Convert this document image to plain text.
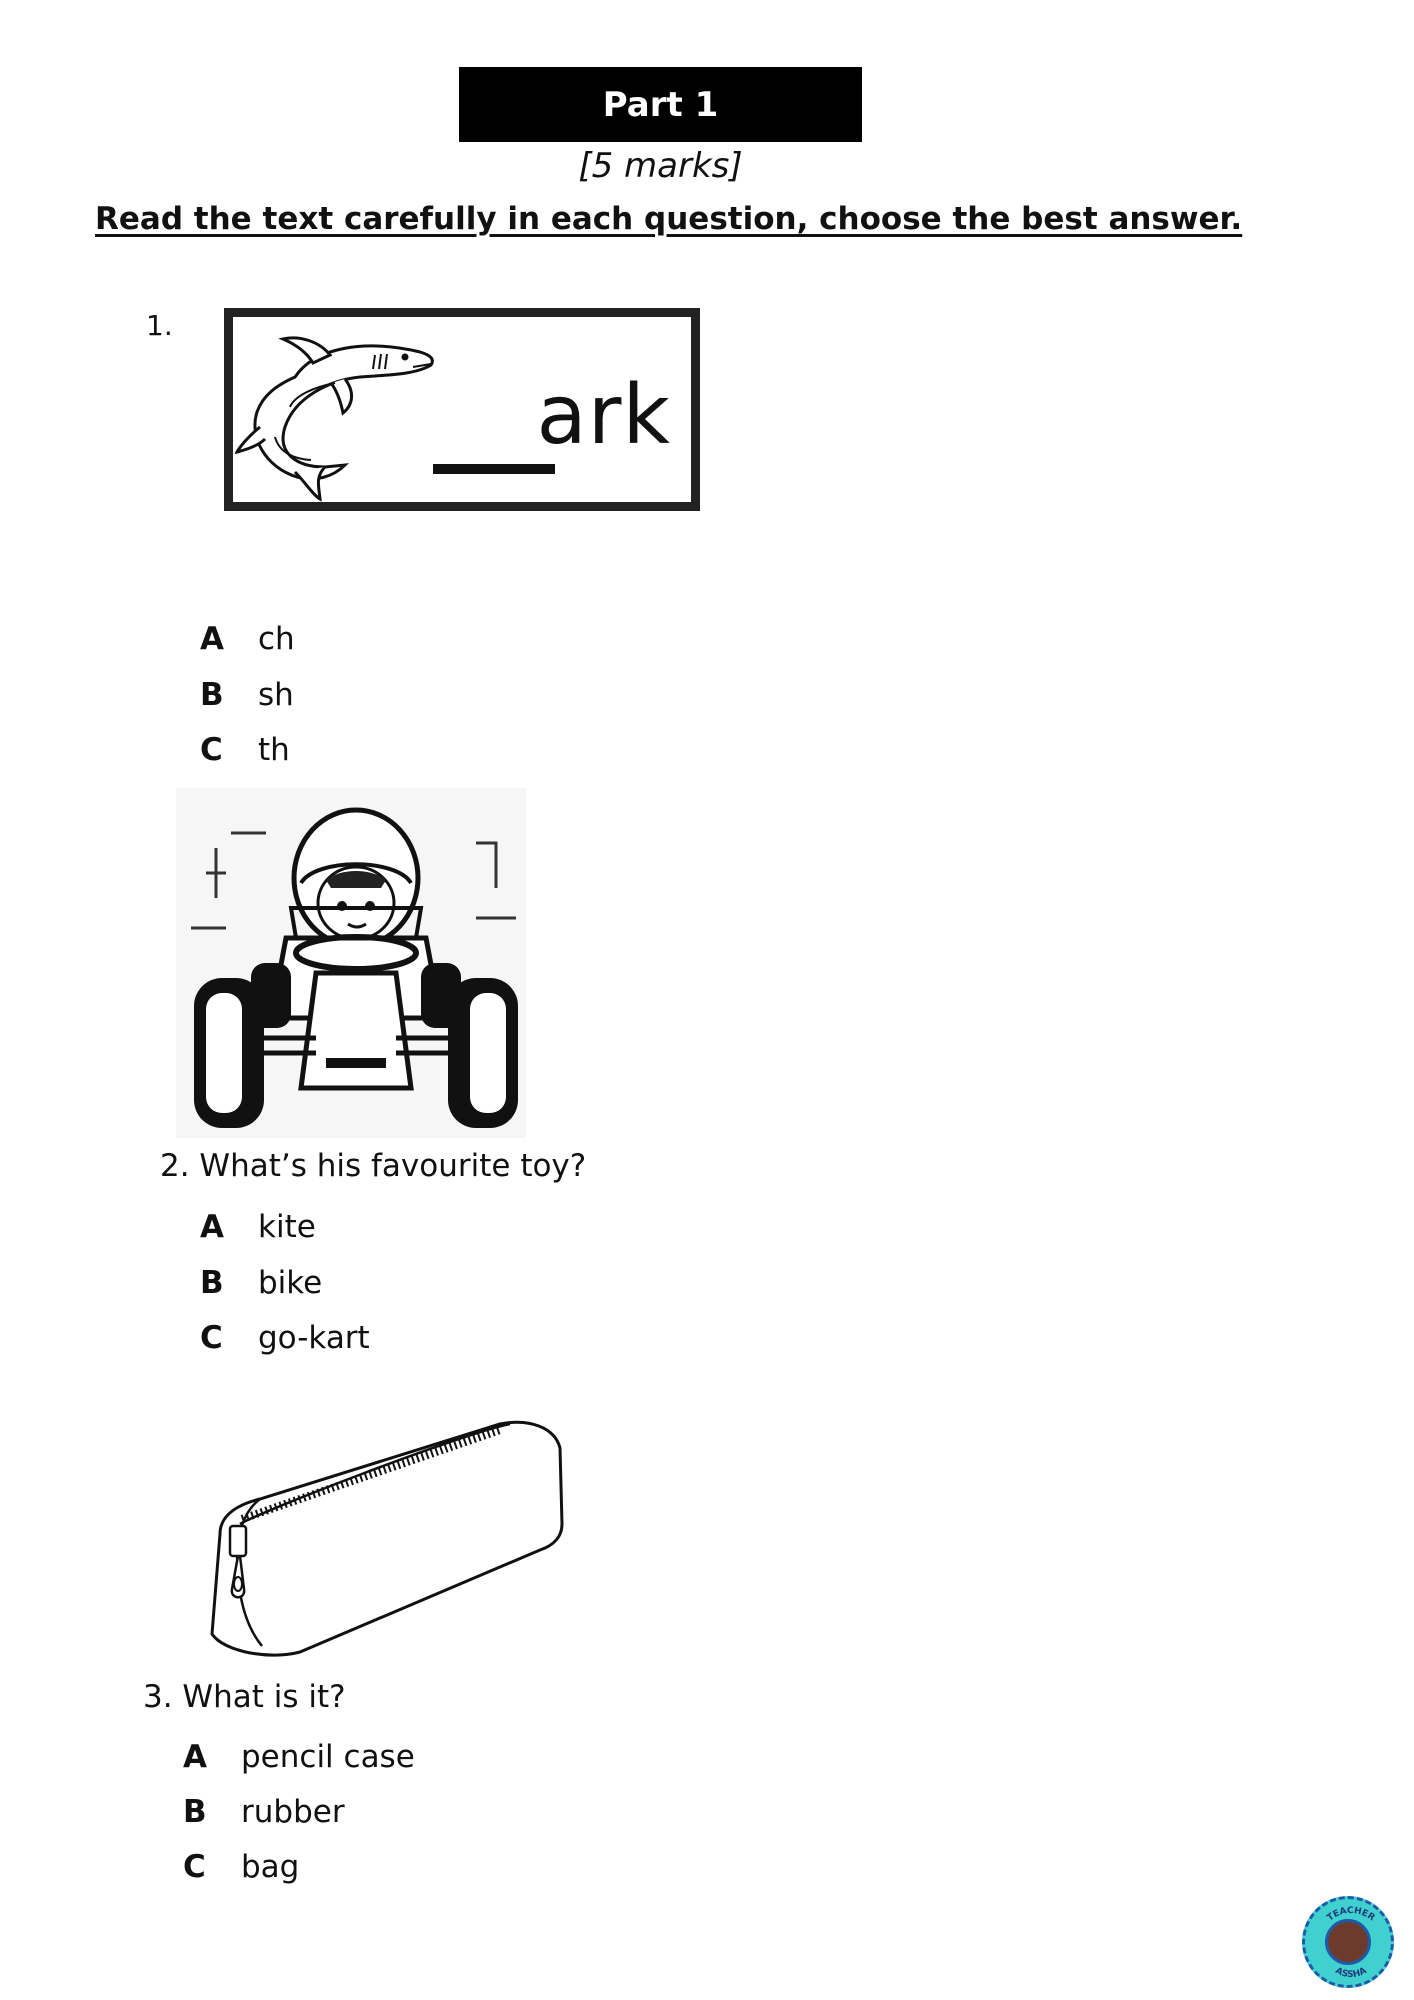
Part 1
[5 marks]
Read the text carefully in each question, choose the best answer.
1.
ark
A	ch
B	sh
C	th
2. What’s his favourite toy?
A	kite
B	bike
C	go-kart
3. What is it?
A	pencil case
B	rubber
C	bag
TEACHER
ASSHA
